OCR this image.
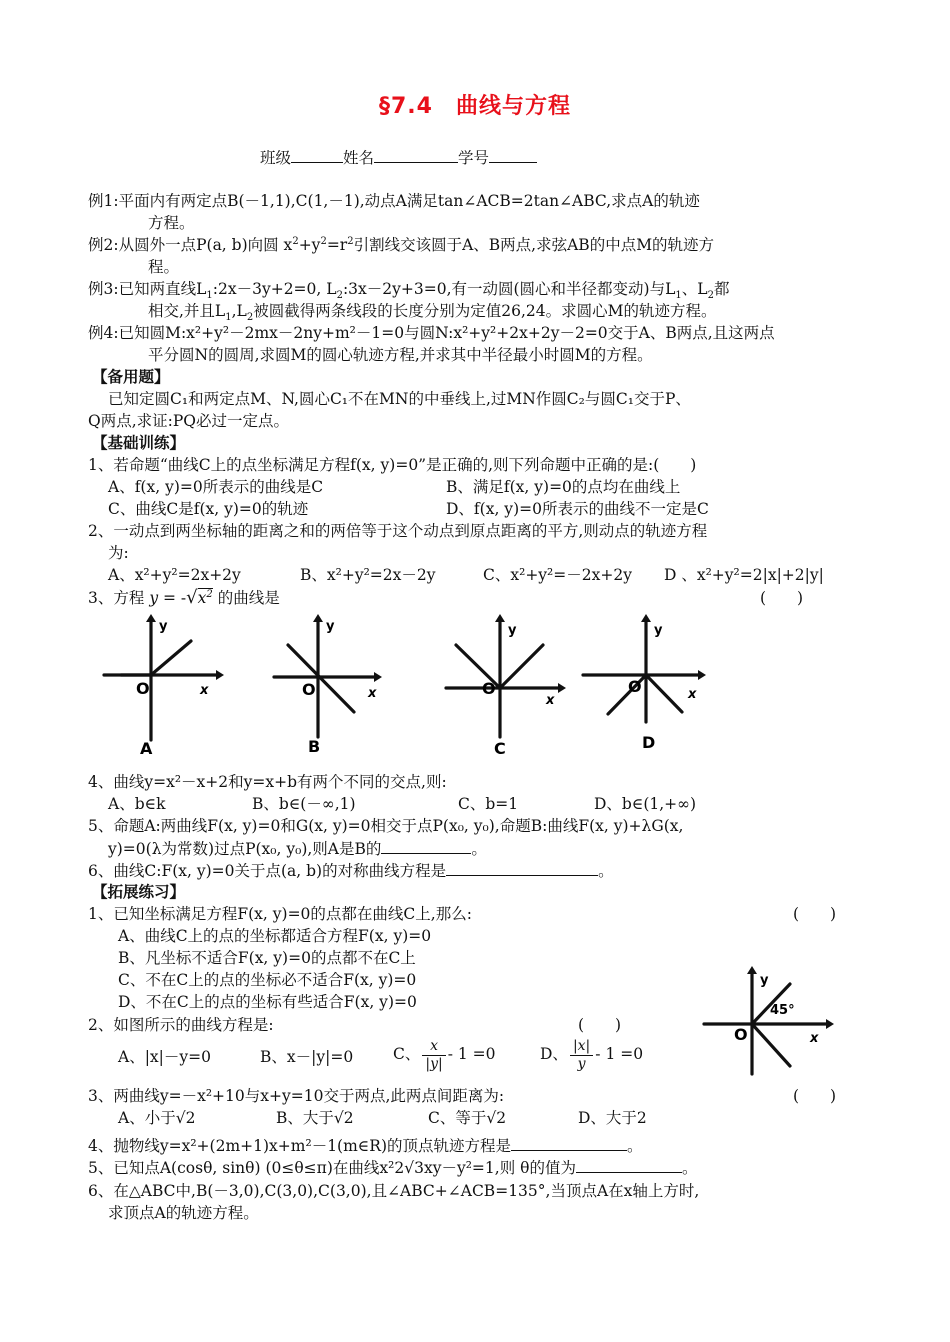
§7.4　曲线与方程
班级	姓名	学号
例1:平面内有两定点B(－1,1),C(1,－1),动点A满足tan∠ACB=2tan∠ABC,求点A的轨迹
方程。
例2:从圆外一点P(a, b)向圆 $x^2+y^2=r^2$引割线交该圆于A、B两点,求弦AB的中点M的轨迹方
程。
例3:已知两直线$L_1:2x-3y+2=0$, $L_2:3x-2y+3=0$,有一动圆(圆心和半径都变动)与$L_1$、$L_2$都
相交,并且$L_1,L_2$被圆截得两条线段的长度分别为定值26,24。求圆心M的轨迹方程。
例4:已知圆M:x²+y²－2mx－2ny+m²－1=0与圆N:x²+y²+2x+2y－2=0交于A、B两点,且这两点
平分圆N的圆周,求圆M的圆心轨迹方程,并求其中半径最小时圆M的方程。
【备用题】
已知定圆C₁和两定点M、N,圆心C₁不在MN的中垂线上,过MN作圆C₂与圆C₁交于P、
Q两点,求证:PQ必过一定点。
【基础训练】
1、若命题“曲线C上的点坐标满足方程f(x, y)=0”是正确的,则下列命题中正确的是:(　　)
A、f(x, y)=0所表示的曲线是C	B、满足f(x, y)=0的点均在曲线上
C、曲线C是f(x, y)=0的轨迹	D、f(x, y)=0所表示的曲线不一定是C
2、一动点到两坐标轴的距离之和的两倍等于这个动点到原点距离的平方,则动点的轨迹方程
为:
A、x²+y²=2x+2y	B、x²+y²=2x－2y	C、x²+y²=－2x+2y D 、x²+y²=2|x|+2|y|
3、方程 $y = -√x^2$ 的曲线是	(　　)
O	x
y
A
O	x
y
B
O
x
y
C
O	x
y
D
4、曲线y=x²－x+2和y=x+b有两个不同的交点,则:
A、b∈k	B、b∈(－∞,1)	C、b=1	D、b∈(1,+∞)
5、命题A:两曲线F(x, y)=0和G(x, y)=0相交于点P(x₀, y₀),命题B:曲线F(x, y)+λG(x,
y)=0(λ为常数)过点P(x₀, y₀),则A是B的	。
6、曲线C:F(x, y)=0关于点(a, b)的对称曲线方程是	。
【拓展练习】
1、已知坐标满足方程F(x, y)=0的点都在曲线C上,那么:	(　　)
A、曲线C上的点的坐标都适合方程F(x, y)=0
B、凡坐标不适合F(x, y)=0的点都不在C上
C、不在C上的点的坐标必不适合F(x, y)=0
D、不在C上的点的坐标有些适合F(x, y)=0
2、如图所示的曲线方程是:	(　　)
A、|x|－y=0	B、x－|y|=0	C、 $\frac{x}{|y|} - 1 =0$	D、 $\frac{|x|}{y} - 1 =0$
O	x
y
45°
3、两曲线y=－x²+10与x+y=10交于两点,此两点间距离为:	(　　)
A、小于√2	B、大于√2	C、等于√2	D、大于2
4、抛物线y=x²+(2m+1)x+m²－1(m∈R)的顶点轨迹方程是	。
5、已知点A(cosθ, sinθ) (0≤θ≤π)在曲线x²2√3xy－y²=1,则 θ的值为	。
6、在△ABC中,B(－3,0),C(3,0),C(3,0),且∠ABC+∠ACB=135°,当顶点A在x轴上方时,
求顶点A的轨迹方程。
